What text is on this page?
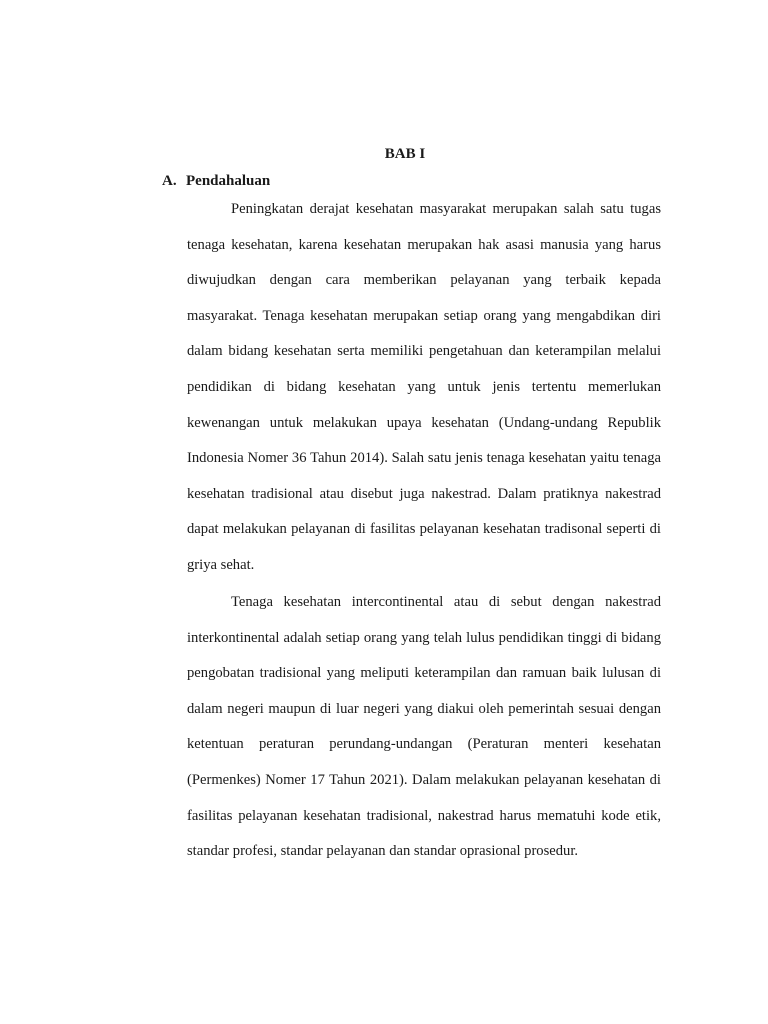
BAB I
A. Pendahaluan

Peningkatan derajat kesehatan masyarakat merupakan salah satu tugas tenaga kesehatan, karena kesehatan merupakan hak asasi manusia yang harus diwujudkan dengan cara memberikan pelayanan yang terbaik kepada masyarakat. Tenaga kesehatan merupakan setiap orang yang mengabdikan diri dalam bidang kesehatan serta memiliki pengetahuan dan keterampilan melalui pendidikan di bidang kesehatan yang untuk jenis tertentu memerlukan kewenangan untuk melakukan upaya kesehatan (Undang-undang Republik Indonesia Nomer 36 Tahun 2014). Salah satu jenis tenaga kesehatan yaitu tenaga kesehatan tradisional atau disebut juga nakestrad. Dalam pratiknya nakestrad dapat melakukan pelayanan di fasilitas pelayanan kesehatan tradisonal seperti di griya sehat.

Tenaga kesehatan intercontinental atau di sebut dengan nakestrad interkontinental adalah setiap orang yang telah lulus pendidikan tinggi di bidang pengobatan tradisional yang meliputi keterampilan dan ramuan baik lulusan di dalam negeri maupun di luar negeri yang diakui oleh pemerintah sesuai dengan ketentuan peraturan perundang-undangan (Peraturan menteri kesehatan (Permenkes) Nomer 17 Tahun 2021). Dalam melakukan pelayanan kesehatan di fasilitas pelayanan kesehatan tradisional, nakestrad harus mematuhi kode etik, standar profesi, standar pelayanan dan standar oprasional prosedur.
